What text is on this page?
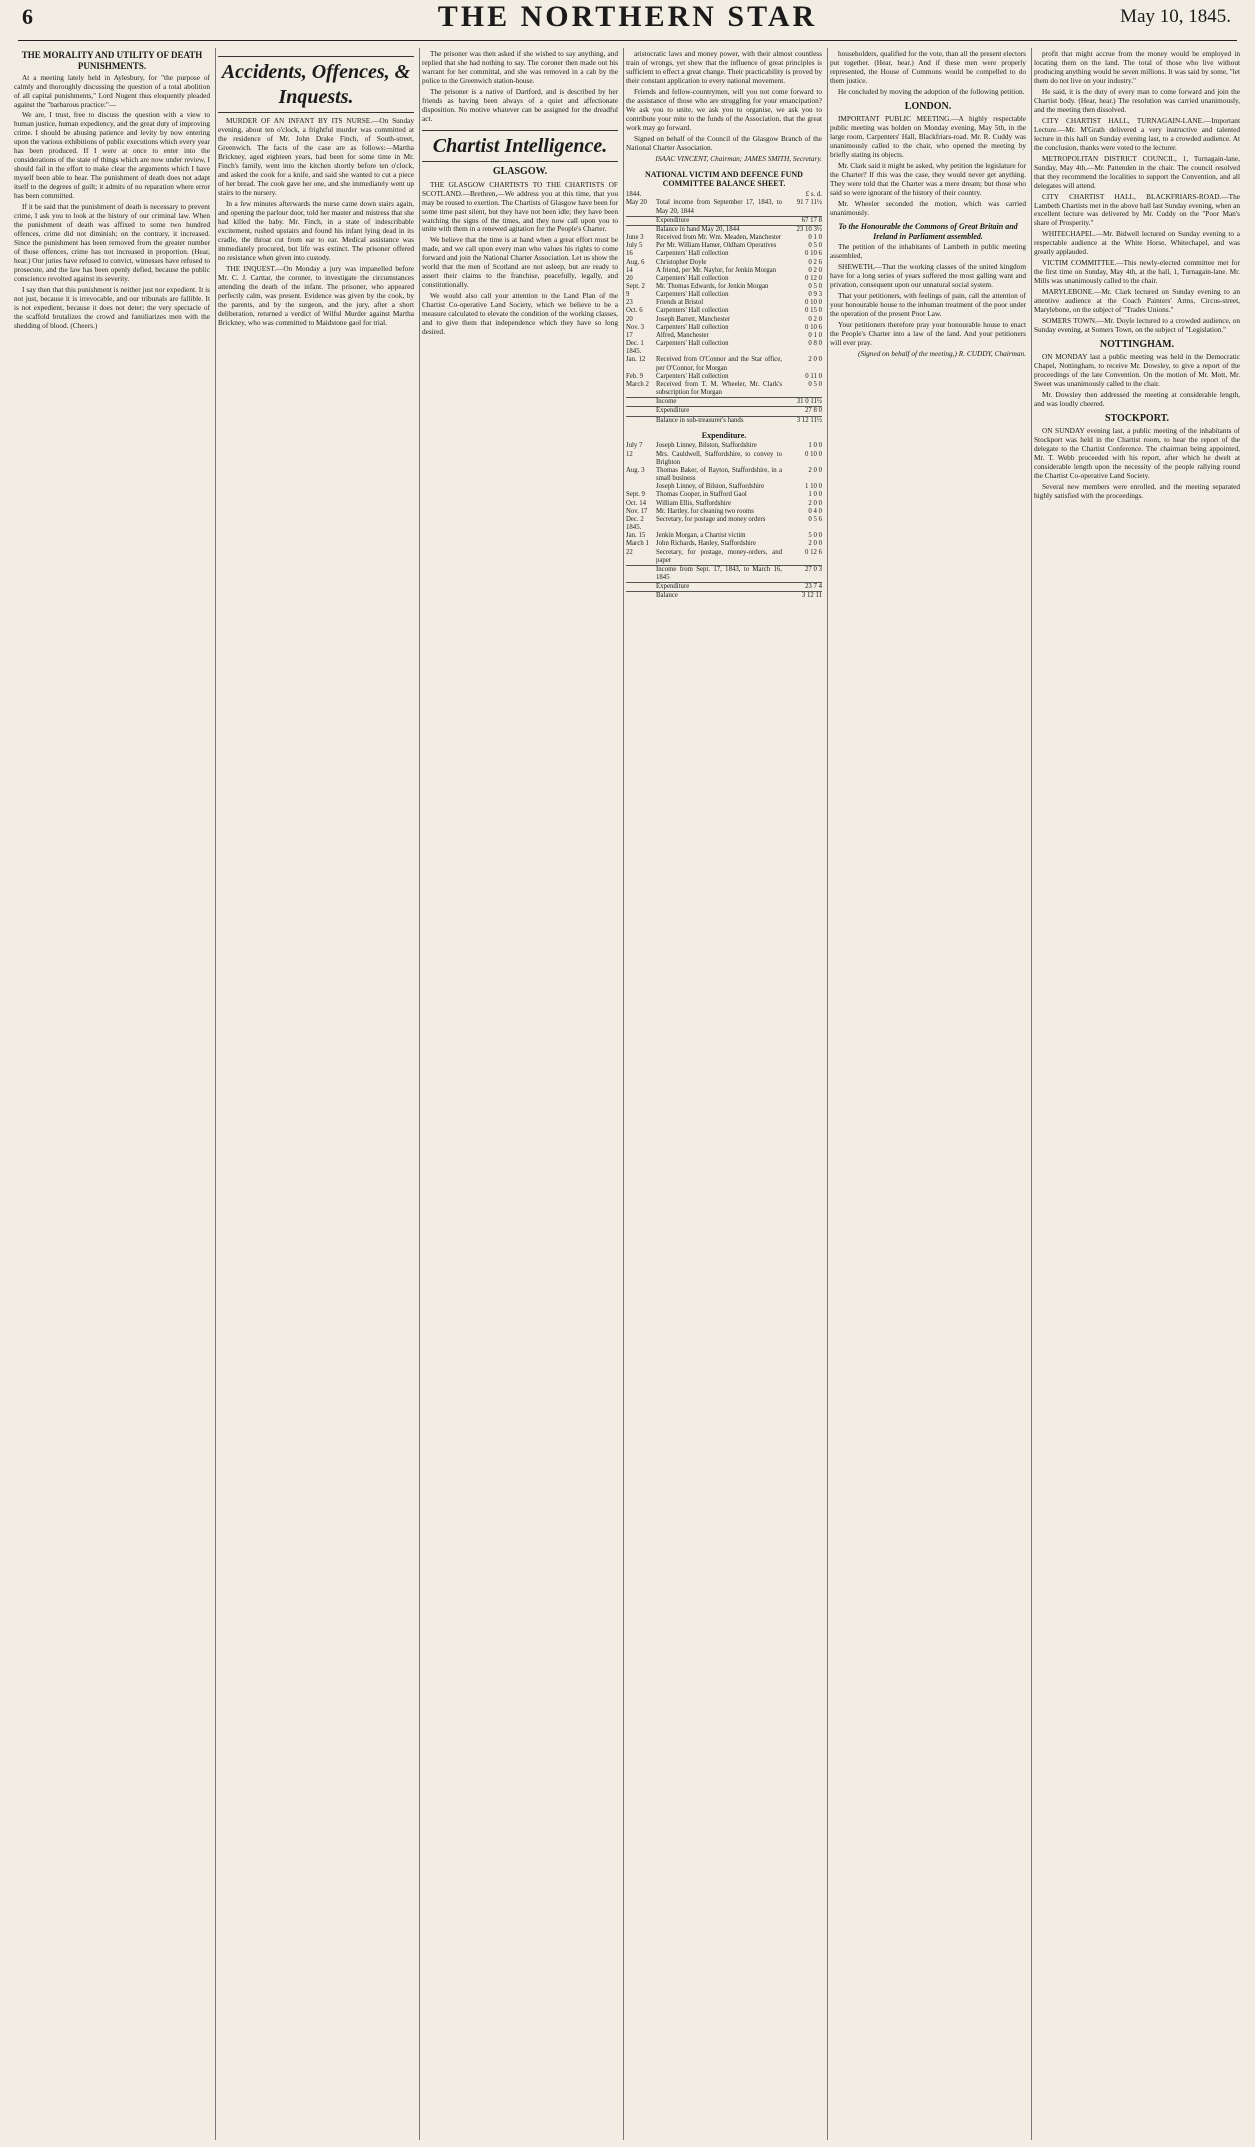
6	THE NORTHERN STAR	May 10, 1845.

THE MORALITY AND UTILITY OF DEATH PUNISHMENTS.

At a meeting lately held in Aylesbury, for "the purpose of calmly and thoroughly discussing the question of a total abolition of all capital punishments," Lord Nugent thus eloquently pleaded against the "barbarous practice:"—

We are, I trust, free to discuss the question with a view to human justice, human expediency, and the great duty of improving crime. I should be abusing patience and levity by now entering upon the various exhibitions of public executions which every year has been produced. If I were at once to enter into the considerations of the state of things which are now under review, I should fail in the effort to make clear the arguments which I have myself been able to hear. The punishment of death does not adapt itself to the degrees of guilt; it admits of no reparation where error has been committed.

If it be said that the punishment of death is necessary to prevent crime, I ask you to look at the history of our criminal law. When the punishment of death was affixed to some two hundred offences, crime did not diminish; on the contrary, it increased. Since the punishment has been removed from the greater number of those offences, crime has not increased in proportion. (Hear, hear.) Our juries have refused to convict, witnesses have refused to prosecute, and the law has been openly defied, because the public conscience revolted against its severity.

I say then that this punishment is neither just nor expedient. It is not just, because it is irrevocable, and our tribunals are fallible. It is not expedient, because it does not deter; the very spectacle of the scaffold brutalizes the crowd and familiarizes men with the shedding of blood. (Cheers.)

Accidents, Offences, & Inquests.

MURDER OF AN INFANT BY ITS NURSE.—On Sunday evening, about ten o'clock, a frightful murder was committed at the residence of Mr. John Drake Finch, of South-street, Greenwich. The facts of the case are as follows:—Martha Brickney, aged eighteen years, had been for some time in Mr. Finch's family, went into the kitchen shortly before ten o'clock, and asked the cook for a knife, and said she wanted to cut a piece of her bread. The cook gave her one, and she immediately went up stairs to the nursery.

In a few minutes afterwards the nurse came down stairs again, and opening the parlour door, told her master and mistress that she had killed the baby. Mr. Finch, in a state of indescribable excitement, rushed upstairs and found his infant lying dead in its cradle, the throat cut from ear to ear. Medical assistance was immediately procured, but life was extinct. The prisoner offered no resistance when given into custody.

THE INQUEST.—On Monday a jury was impanelled before Mr. C. J. Carttar, the coroner, to investigate the circumstances attending the death of the infant. The prisoner, who appeared perfectly calm, was present. Evidence was given by the cook, by the parents, and by the surgeon, and the jury, after a short deliberation, returned a verdict of Wilful Murder against Martha Brickney, who was committed to Maidstone gaol for trial.

The prisoner was then asked if she wished to say anything, and replied that she had nothing to say. The coroner then made out his warrant for her committal, and she was removed in a cab by the police to the Greenwich station-house.

The prisoner is a native of Dartford, and is described by her friends as having been always of a quiet and affectionate disposition. No motive whatever can be assigned for the dreadful act.

Chartist Intelligence.
GLASGOW.

THE GLASGOW CHARTISTS TO THE CHARTISTS OF SCOTLAND.—Brethren,—We address you at this time, that you may be roused to exertion. The Chartists of Glasgow have been for some time past silent, but they have not been idle; they have been watching the signs of the times, and they now call upon you to unite with them in a renewed agitation for the People's Charter.

We believe that the time is at hand when a great effort must be made, and we call upon every man who values his rights to come forward and join the National Charter Association. Let us show the world that the men of Scotland are not asleep, but are ready to assert their claims to the franchise, peacefully, legally, and constitutionally.

We would also call your attention to the Land Plan of the Chartist Co-operative Land Society, which we believe to be a measure calculated to elevate the condition of the working classes, and to give them that independence which they have so long desired.

aristocratic laws and money power, with their almost countless train of wrongs, yet shew that the influence of great principles is sufficient to effect a great change. Their practicability is proved by their constant application to every national movement.

Friends and fellow-countrymen, will you not come forward to the assistance of those who are struggling for your emancipation? We ask you to unite, we ask you to organise, we ask you to contribute your mite to the funds of the Association, that the great work may go forward.

Signed on behalf of the Council of the Glasgow Branch of the National Charter Association.

ISAAC VINCENT, Chairman; JAMES SMITH, Secretary.

NATIONAL VICTIM AND DEFENCE FUND COMMITTEE BALANCE SHEET.
1844.		£ s. d.
May 20	Total income from September 17, 1843, to May 20, 1844	91 7 11½
	Expenditure	67 17 8
	Balance in hand May 20, 1844	23 10 3½
June 3	Received from Mr. Wm. Meaden, Manchester	0 1 0
July 5	Per Mr. William Hamer, Oldham Operatives	0 5 0
16	Carpenters' Hall collection	0 10 6
Aug. 6	Christopher Doyle	0 2 6
14	A friend, per Mr. Naylor, for Jenkin Morgan	0 2 0
20	Carpenters' Hall collection	0 12 0
Sept. 2	Mr. Thomas Edwards, for Jenkin Morgan	0 5 0
9	Carpenters' Hall collection	0 9 3
23	Friends at Bristol	0 10 0
Oct. 6	Carpenters' Hall collection	0 15 0
20	Joseph Barrett, Manchester	0 2 0
Nov. 3	Carpenters' Hall collection	0 10 6
17	Alfred, Manchester	0 1 0
Dec. 1	Carpenters' Hall collection	0 8 0
1845.		
Jan. 12	Received from O'Connor and the Star office, per O'Connor, for Morgan	2 0 0
Feb. 9	Carpenters' Hall collection	0 11 0
March 2	Received from T. M. Wheeler, Mr. Clark's subscription for Morgan	0 5 0
	Income	31 0 11½
	Expenditure	27 8 0
	Balance in sub-treasurer's hands	3 12 11½
Expenditure.
July 7	Joseph Linney, Bilston, Staffordshire	1 0 0
12	Mrs. Cauldwell, Staffordshire, to convey to Brighton	0 10 0
Aug. 3	Thomas Baker, of Rayton, Staffordshire, in a small business	2 0 0
	Joseph Linney, of Bilston, Staffordshire	1 10 0
Sept. 9	Thomas Cooper, in Stafford Gaol	1 0 0
Oct. 14	William Ellis, Staffordshire	2 0 0
Nov. 17	Mr. Hartley, for cleaning two rooms	0 4 0
Dec. 2	Secretary, for postage and money orders	0 5 6
1845.		
Jan. 15	Jenkin Morgan, a Chartist victim	5 0 0
March 1	John Richards, Hanley, Staffordshire	2 0 0
22	Secretary, for postage, money-orders, and paper	0 12 6
	Income from Sept. 17, 1843, to March 16, 1845	27 0 3
	Expenditure	23 7 4
	Balance	3 12 11

householders, qualified for the vote, than all the present electors put together. (Hear, hear.) And if these men were properly represented, the House of Commons would be compelled to do them justice.

He concluded by moving the adoption of the following petition.

LONDON.

IMPORTANT PUBLIC MEETING.—A highly respectable public meeting was holden on Monday evening, May 5th, in the large room, Carpenters' Hall, Blackfriars-road. Mr. R. Cuddy was unanimously called to the chair, who opened the meeting by briefly stating its objects.

Mr. Clark said it might be asked, why petition the legislature for the Charter? If this was the case, they would never get anything. They were told that the Charter was a mere dream; but those who said so were ignorant of the history of their country.

Mr. Wheeler seconded the motion, which was carried unanimously.

To the Honourable the Commons of Great Britain and Ireland in Parliament assembled.

The petition of the inhabitants of Lambeth in public meeting assembled,

SHEWETH,—That the working classes of the united kingdom have for a long series of years suffered the most galling want and privation, consequent upon our unnatural social system.

That your petitioners, with feelings of pain, call the attention of your honourable house to the inhuman treatment of the poor under the operation of the present Poor Law.

Your petitioners therefore pray your honourable house to enact the People's Charter into a law of the land. And your petitioners will ever pray.

(Signed on behalf of the meeting,) R. CUDDY, Chairman.

profit that might accrue from the money would be employed in locating them on the land. The total of those who live without producing anything would be seven millions. It was said by some, "let them do not live on your industry."

He said, it is the duty of every man to come forward and join the Chartist body. (Hear, hear.) The resolution was carried unanimously, and the meeting then dissolved.

CITY CHARTIST HALL, TURNAGAIN-LANE.—Important Lecture.—Mr. M'Grath delivered a very instructive and talented lecture in this hall on Sunday evening last, to a crowded audience. At the conclusion, thanks were voted to the lecturer.

METROPOLITAN DISTRICT COUNCIL, 1, Turnagain-lane, Sunday, May 4th.—Mr. Pattenden in the chair. The council resolved that they recommend the localities to support the Convention, and all delegates will attend.

CITY CHARTIST HALL, BLACKFRIARS-ROAD.—The Lambeth Chartists met in the above hall last Sunday evening, when an excellent lecture was delivered by Mr. Cuddy on the "Poor Man's share of Prosperity."

WHITECHAPEL.—Mr. Bidwell lectured on Sunday evening to a respectable audience at the White Horse, Whitechapel, and was greatly applauded.

VICTIM COMMITTEE.—This newly-elected committee met for the first time on Sunday, May 4th, at the hall, 1, Turnagain-lane. Mr. Mills was unanimously called to the chair.

MARYLEBONE.—Mr. Clark lectured on Sunday evening to an attentive audience at the Coach Painters' Arms, Circus-street, Marylebone, on the subject of "Trades Unions."

SOMERS TOWN.—Mr. Doyle lectured to a crowded audience, on Sunday evening, at Somers Town, on the subject of "Legislation."

NOTTINGHAM.

ON MONDAY last a public meeting was held in the Democratic Chapel, Nottingham, to receive Mr. Dowsley, to give a report of the proceedings of the late Convention. On the motion of Mr. Mott, Mr. Sweet was unanimously called to the chair.

Mr. Dowsley then addressed the meeting at considerable length, and was loudly cheered.

STOCKPORT.

ON SUNDAY evening last, a public meeting of the inhabitants of Stockport was held in the Chartist room, to hear the report of the delegate to the Chartist Conference. The chairman being appointed, Mr. T. Webb proceeded with his report, after which he dwelt at considerable length upon the necessity of the people rallying round the Chartist Co-operative Land Society.

Several new members were enrolled, and the meeting separated highly satisfied with the proceedings.
